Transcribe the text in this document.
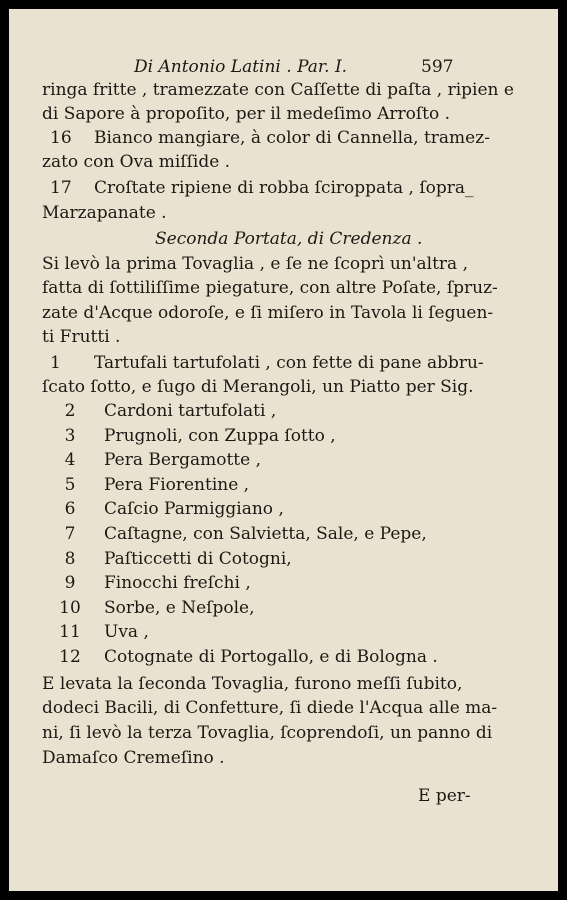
Di Antonio Latini . Par. I.	597
ringa fritte , tramezzate con Caſſette di paſta , ripien e
di Sapore à propoſito, per il medeſimo Arroſto .
16 Bianco mangiare, à color di Cannella, tramez-
zato con Ova miſſide .
17 Croſtate ripiene di robba ſciroppata , ſopra_
Marzapanate .
Seconda Portata, di Credenza .
Si levò la prima Tovaglia , e ſe ne ſcoprì un'altra ,
fatta di ſottiliſſime piegature, con altre Poſate, ſpruz-
zate d'Acque odoroſe, e ſi miſero in Tavola li ſeguen-
ti Frutti .
1 Tartufali tartufolati , con fette di pane abbru-
ſcato ſotto, e ſugo di Merangoli, un Piatto per Sig.
2	Cardoni tartufolati ,
3	Prugnoli, con Zuppa ſotto ,
4	Pera Bergamotte ,
5	Pera Fiorentine ,
6	Caſcio Parmiggiano ,
7	Caſtagne, con Salvietta, Sale, e Pepe,
8	Paſticcetti di Cotogni,
9	Finocchi freſchi ,
10	Sorbe, e Neſpole,
11	Uva ,
12	Cotognate di Portogallo, e di Bologna .
E levata la ſeconda Tovaglia, furono meſſi ſubito,
dodeci Bacili, di Confetture, ſi diede l'Acqua alle ma-
ni, ſi levò la terza Tovaglia, ſcoprendoſi, un panno di
Damaſco Cremeſino .
E per-
